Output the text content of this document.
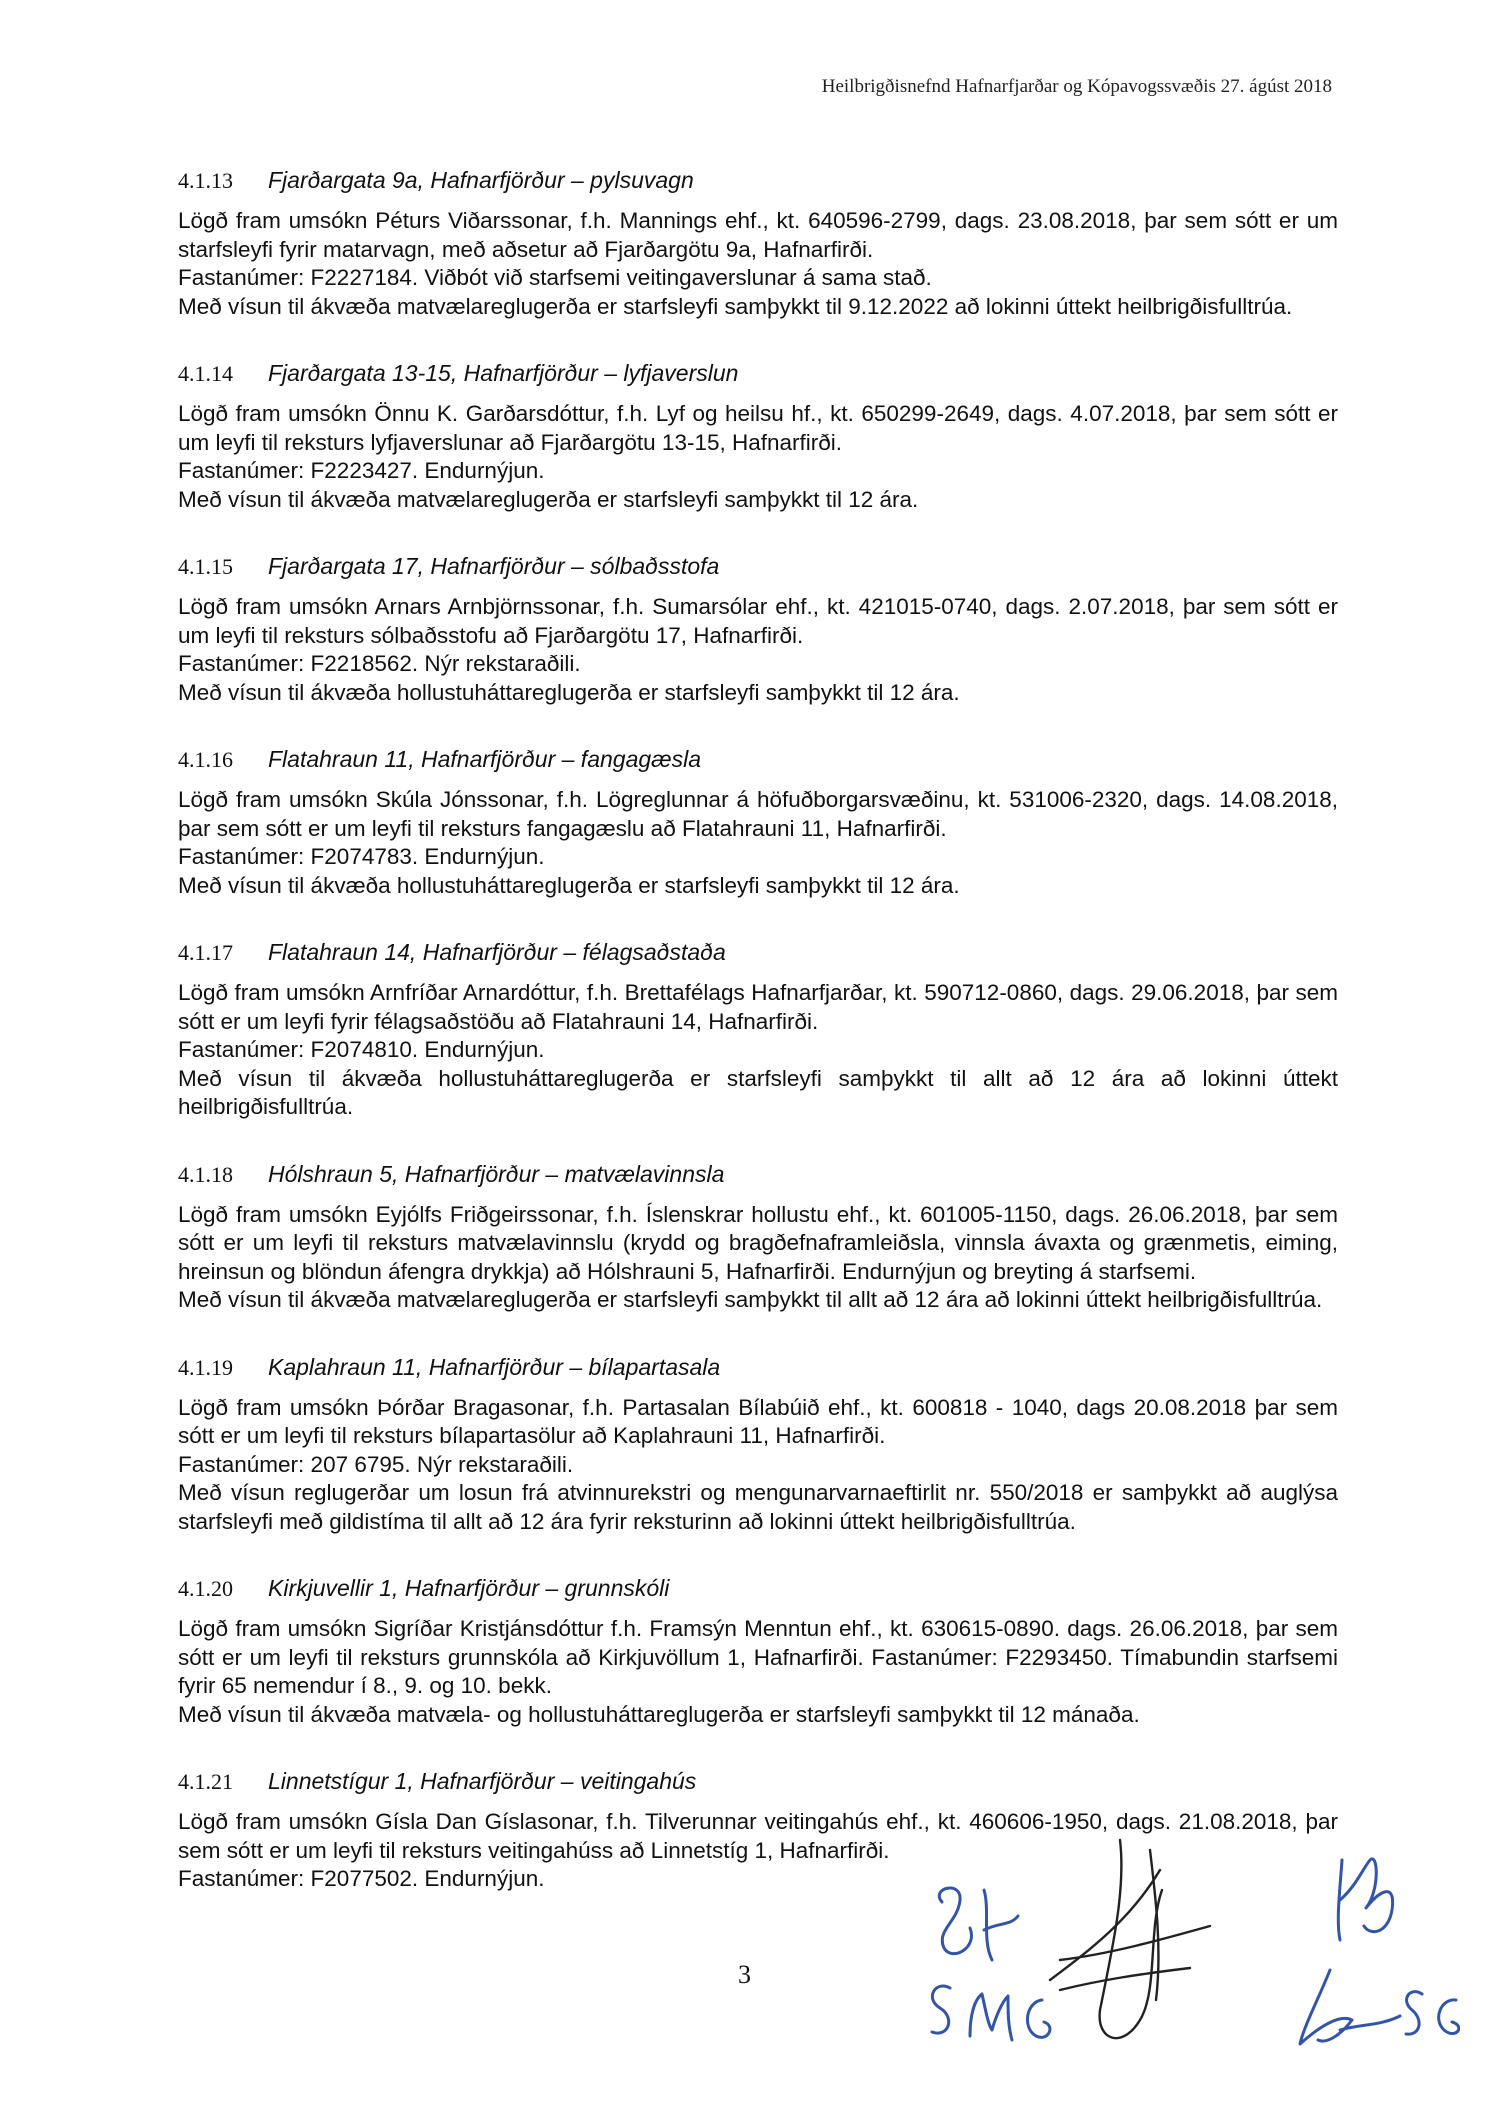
Heilbrigðisnefnd Hafnarfjarðar og Kópavogssvæðis 27. ágúst 2018
4.1.13 Fjarðargata 9a, Hafnarfjörður – pylsuvagn

Lögð fram umsókn Péturs Viðarssonar, f.h. Mannings ehf., kt. 640596-2799, dags. 23.08.2018, þar sem sótt er um starfsleyfi fyrir matarvagn, með aðsetur að Fjarðargötu 9a, Hafnarfirði.

Fastanúmer: F2227184. Viðbót við starfsemi veitingaverslunar á sama stað.

Með vísun til ákvæða matvælareglugerða er starfsleyfi samþykkt til 9.12.2022 að lokinni úttekt heilbrigðisfulltrúa.

4.1.14 Fjarðargata 13-15, Hafnarfjörður – lyfjaverslun

Lögð fram umsókn Önnu K. Garðarsdóttur, f.h. Lyf og heilsu hf., kt. 650299-2649, dags. 4.07.2018, þar sem sótt er um leyfi til reksturs lyfjaverslunar að Fjarðargötu 13-15, Hafnarfirði.

Fastanúmer: F2223427. Endurnýjun.

Með vísun til ákvæða matvælareglugerða er starfsleyfi samþykkt til 12 ára.

4.1.15 Fjarðargata 17, Hafnarfjörður – sólbaðsstofa

Lögð fram umsókn Arnars Arnbjörnssonar, f.h. Sumarsólar ehf., kt. 421015-0740, dags. 2.07.2018, þar sem sótt er um leyfi til reksturs sólbaðsstofu að Fjarðargötu 17, Hafnarfirði.

Fastanúmer: F2218562. Nýr rekstaraðili.

Með vísun til ákvæða hollustuháttareglugerða er starfsleyfi samþykkt til 12 ára.

4.1.16 Flatahraun 11, Hafnarfjörður – fangagæsla

Lögð fram umsókn Skúla Jónssonar, f.h. Lögreglunnar á höfuðborgarsvæðinu, kt. 531006-2320, dags. 14.08.2018, þar sem sótt er um leyfi til reksturs fangagæslu að Flatahrauni 11, Hafnarfirði.

Fastanúmer: F2074783. Endurnýjun.

Með vísun til ákvæða hollustuháttareglugerða er starfsleyfi samþykkt til 12 ára.

4.1.17 Flatahraun 14, Hafnarfjörður – félagsaðstaða

Lögð fram umsókn Arnfríðar Arnardóttur, f.h. Brettafélags Hafnarfjarðar, kt. 590712-0860, dags. 29.06.2018, þar sem sótt er um leyfi fyrir félagsaðstöðu að Flatahrauni 14, Hafnarfirði.

Fastanúmer: F2074810. Endurnýjun.

Með vísun til ákvæða hollustuháttareglugerða er starfsleyfi samþykkt til allt að 12 ára að lokinni úttekt heilbrigðisfulltrúa.

4.1.18 Hólshraun 5, Hafnarfjörður – matvælavinnsla

Lögð fram umsókn Eyjólfs Friðgeirssonar, f.h. Íslenskrar hollustu ehf., kt. 601005-1150, dags. 26.06.2018, þar sem sótt er um leyfi til reksturs matvælavinnslu (krydd og bragðefnaframleiðsla, vinnsla ávaxta og grænmetis, eiming, hreinsun og blöndun áfengra drykkja) að Hólshrauni 5, Hafnarfirði. Endurnýjun og breyting á starfsemi.

Með vísun til ákvæða matvælareglugerða er starfsleyfi samþykkt til allt að 12 ára að lokinni úttekt heilbrigðisfulltrúa.

4.1.19 Kaplahraun 11, Hafnarfjörður – bílapartasala

Lögð fram umsókn Þórðar Bragasonar, f.h. Partasalan Bílabúið ehf., kt. 600818 - 1040, dags 20.08.2018 þar sem sótt er um leyfi til reksturs bílapartasölur að Kaplahrauni 11, Hafnarfirði.

Fastanúmer: 207 6795. Nýr rekstaraðili.

Með vísun reglugerðar um losun frá atvinnurekstri og mengunarvarnaeftirlit nr. 550/2018 er samþykkt að auglýsa starfsleyfi með gildistíma til allt að 12 ára fyrir reksturinn að lokinni úttekt heilbrigðisfulltrúa.

4.1.20 Kirkjuvellir 1, Hafnarfjörður – grunnskóli

Lögð fram umsókn Sigríðar Kristjánsdóttur f.h. Framsýn Menntun ehf., kt. 630615-0890. dags. 26.06.2018, þar sem sótt er um leyfi til reksturs grunnskóla að Kirkjuvöllum 1, Hafnarfirði. Fastanúmer: F2293450. Tímabundin starfsemi fyrir 65 nemendur í 8., 9. og 10. bekk.

Með vísun til ákvæða matvæla- og hollustuháttareglugerða er starfsleyfi samþykkt til 12 mánaða.

4.1.21 Linnetstígur 1, Hafnarfjörður – veitingahús

Lögð fram umsókn Gísla Dan Gíslasonar, f.h. Tilverunnar veitingahús ehf., kt. 460606-1950, dags. 21.08.2018, þar sem sótt er um leyfi til reksturs veitingahúss að Linnetstíg 1, Hafnarfirði.

Fastanúmer: F2077502. Endurnýjun.

3
